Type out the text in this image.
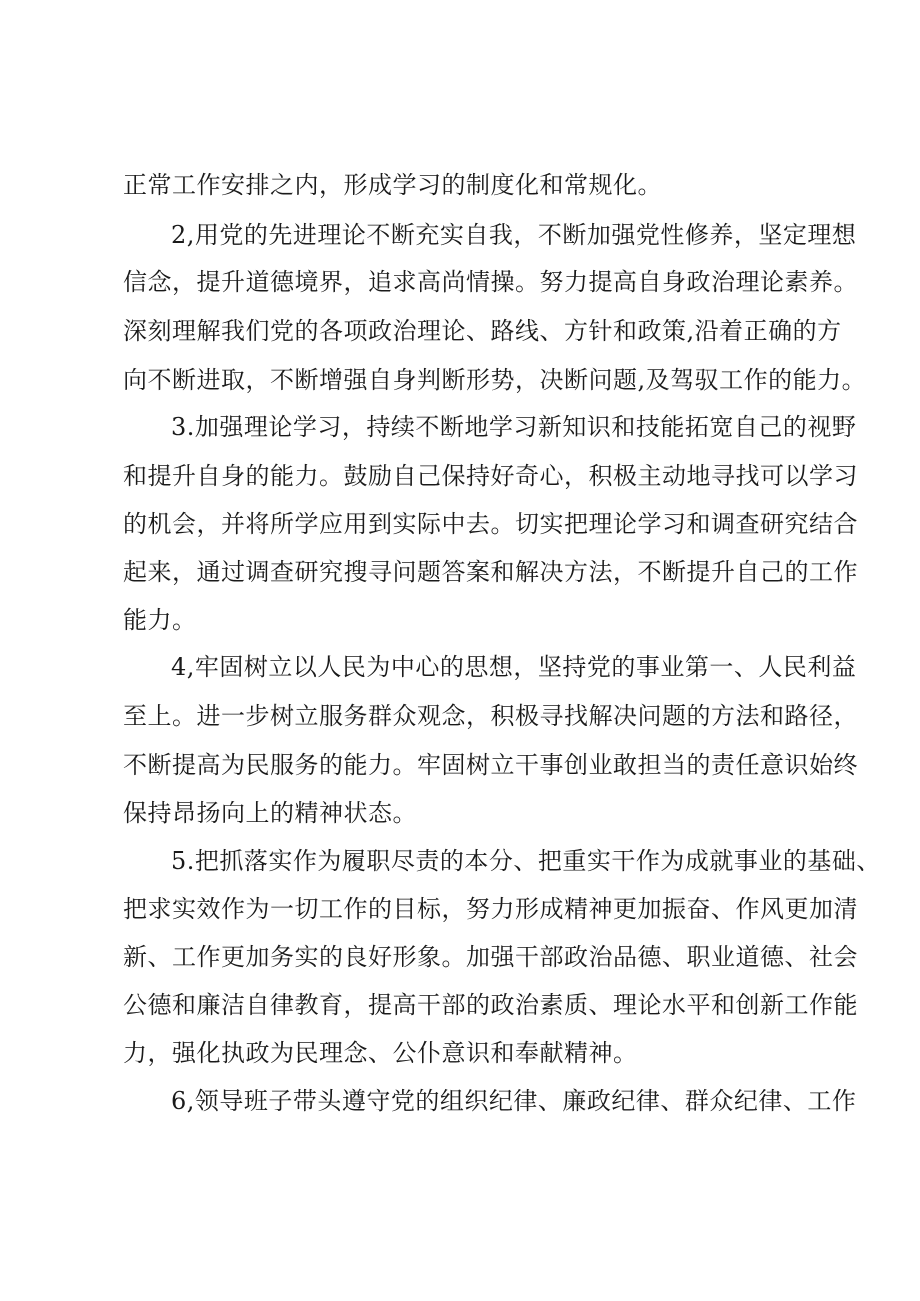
正常工作安排之内，形成学习的制度化和常规化。
2,用党的先进理论不断充实自我，不断加强党性修养，坚定理想
信念，提升道德境界，追求高尚情操。努力提高自身政治理论素养。
深刻理解我们党的各项政治理论、路线、方针和政策,沿着正确的方
向不断进取，不断增强自身判断形势，决断问题,及驾驭工作的能力。
3.加强理论学习，持续不断地学习新知识和技能拓宽自己的视野
和提升自身的能力。鼓励自己保持好奇心，积极主动地寻找可以学习
的机会，并将所学应用到实际中去。切实把理论学习和调查研究结合
起来，通过调查研究搜寻问题答案和解决方法，不断提升自己的工作
能力。
4,牢固树立以人民为中心的思想，坚持党的事业第一、人民利益
至上。进一步树立服务群众观念，积极寻找解决问题的方法和路径，
不断提高为民服务的能力。牢固树立干事创业敢担当的责任意识始终
保持昂扬向上的精神状态。
5.把抓落实作为履职尽责的本分、把重实干作为成就事业的基础、
把求实效作为一切工作的目标，努力形成精神更加振奋、作风更加清
新、工作更加务实的良好形象。加强干部政治品德、职业道德、社会
公德和廉洁自律教育，提高干部的政治素质、理论水平和创新工作能
力，强化执政为民理念、公仆意识和奉献精神。
6,领导班子带头遵守党的组织纪律、廉政纪律、群众纪律、工作
